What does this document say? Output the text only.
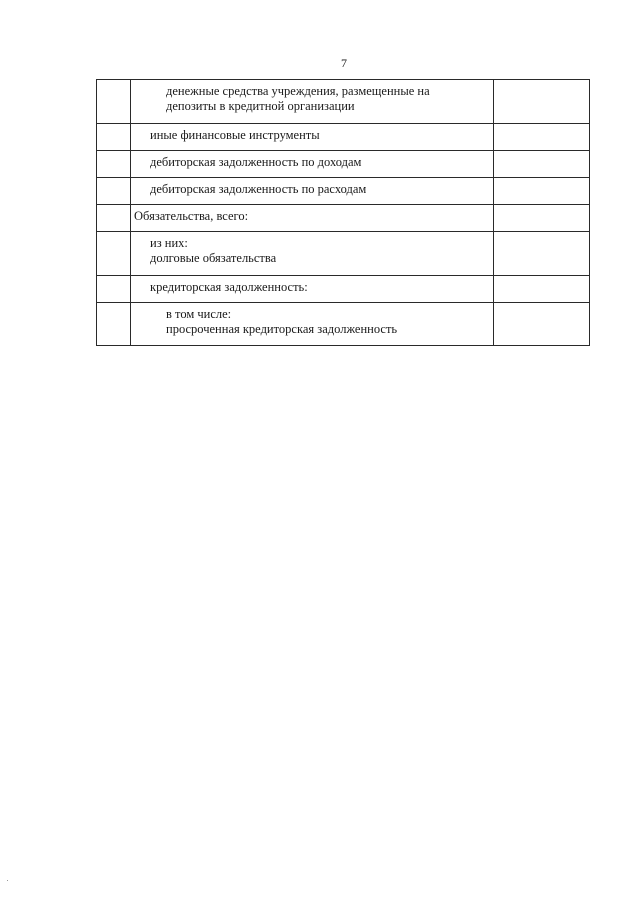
7

	денежные средства учреждения, размещенные на
депозиты в кредитной организации	

	иные финансовые инструменты	

	дебиторская задолженность по доходам	

	дебиторская задолженность по расходам	

	Обязательства, всего:	

	из них:
долговые обязательства	

	кредиторская задолженность:	

	в том числе:
просроченная кредиторская задолженность	
